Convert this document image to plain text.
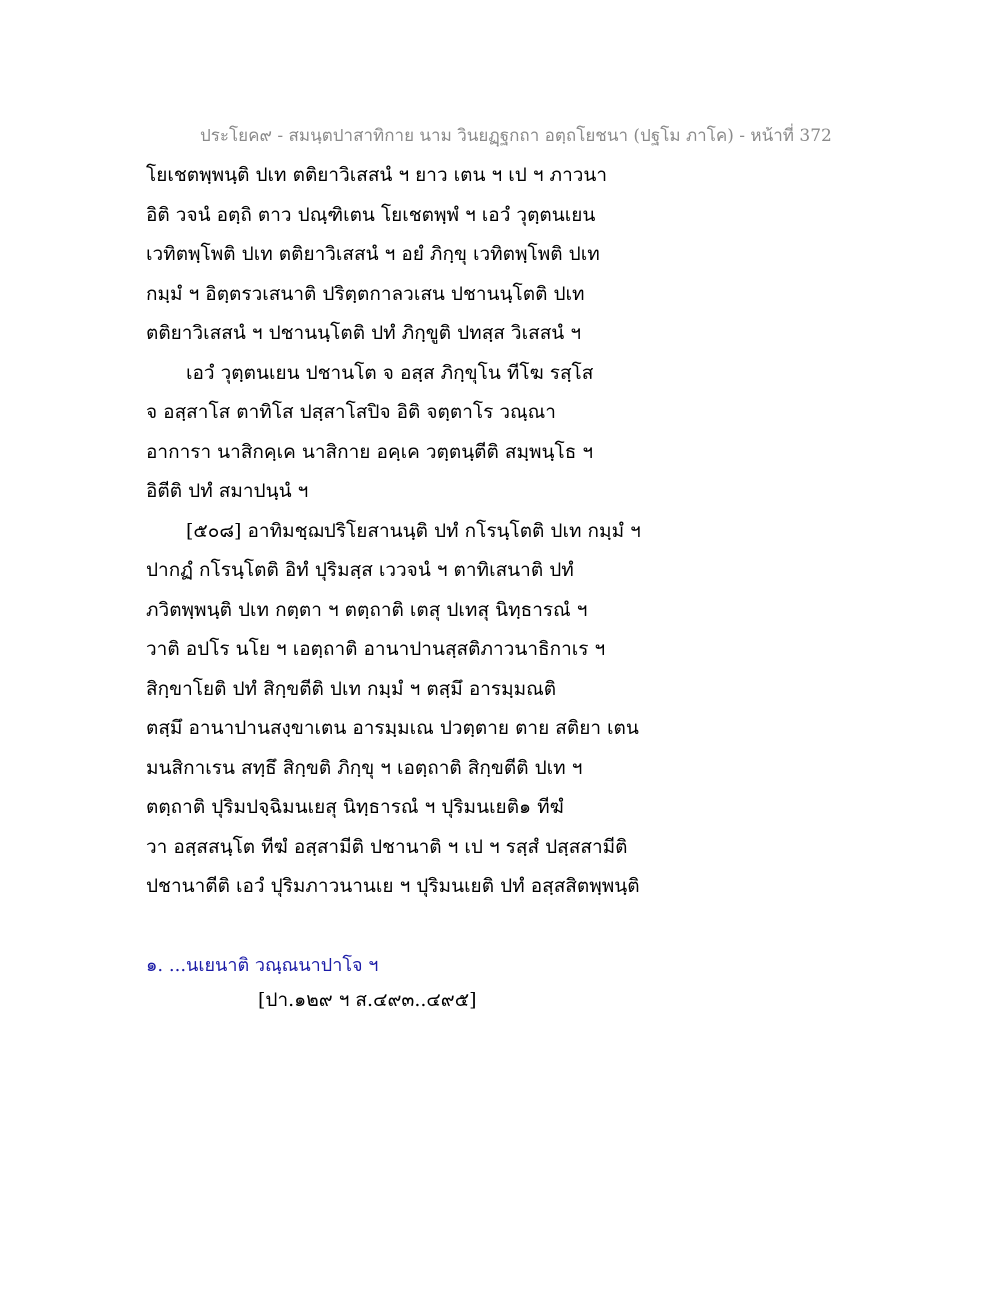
ประโยค๙ - สมนฺตปาสาทิกาย นาม วินยฏฺฐกถา อตฺถโยชนา (ปฐโม ภาโค) - หน้าที่ 372
โยเชตพฺพนฺติ ปเท ตติยาวิเสสนํ ฯ ยาว เตน ฯ เป ฯ ภาวนา
อิติ วจนํ อตฺถิ ตาว ปณฺฑิเตน โยเชตพฺพํ ฯ เอวํ วุตฺตนเยน
เวทิตพฺโพติ ปเท ตติยาวิเสสนํ ฯ อยํ ภิกฺขุ เวทิตพฺโพติ ปเท
กมฺมํ ฯ อิตฺตรวเสนาติ ปริตฺตกาลวเสน ปชานนฺโตติ ปเท
ตติยาวิเสสนํ ฯ ปชานนฺโตติ ปทํ ภิกฺขูติ ปทสฺส วิเสสนํ ฯ
เอวํ วุตฺตนเยน ปชานโต จ อสฺส ภิกฺขุโน ทีโฆ รสฺโส
จ อสฺสาโส ตาทิโส ปสฺสาโสปิจ อิติ จตฺตาโร วณฺณา
อาการา นาสิกคฺเค นาสิกาย อคฺเค วตฺตนฺตีติ สมฺพนฺโธ ฯ
อิตีติ ปทํ สมาปนฺนํ ฯ
[๕๐๘] อาทิมชฺฌปริโยสานนฺติ ปทํ กโรนฺโตติ ปเท กมฺมํ ฯ
ปากฏํ กโรนฺโตติ อิทํ ปุริมสฺส เววจนํ ฯ ตาทิเสนาติ ปทํ
ภวิตพฺพนฺติ ปเท กตฺตา ฯ ตตฺถาติ เตสุ ปเทสุ นิทฺธารณํ ฯ
วาติ อปโร นโย ฯ เอตฺถาติ อานาปานสฺสติภาวนาธิกาเร ฯ
สิกฺขาโยติ ปทํ สิกฺขตีติ ปเท กมฺมํ ฯ ตสฺมึ อารมฺมณติ
ตสฺมึ อานาปานสงฺขาเตน อารมฺมเณ ปวตฺตาย ตาย สติยา เตน
มนสิกาเรน สทฺธึ สิกฺขติ ภิกฺขุ ฯ เอตฺถาติ สิกฺขตีติ ปเท ฯ
ตตฺถาติ ปุริมปจฺฉิมนเยสุ นิทฺธารณํ ฯ ปุริมนเยติ๑ ทีฆํ
วา อสฺสสนฺโต ทีฆํ อสฺสามีติ ปชานาติ ฯ เป ฯ รสฺสํ ปสฺสสามีติ
ปชานาตีติ เอวํ ปุริมภาวนานเย ฯ ปุริมนเยติ ปทํ อสฺสสิตพฺพนฺติ
๑. ...นเยนาติ วณฺณนาปาโจ ฯ
[ปา.๑๒๙ ฯ ส.๔๙๓..๔๙๕]
